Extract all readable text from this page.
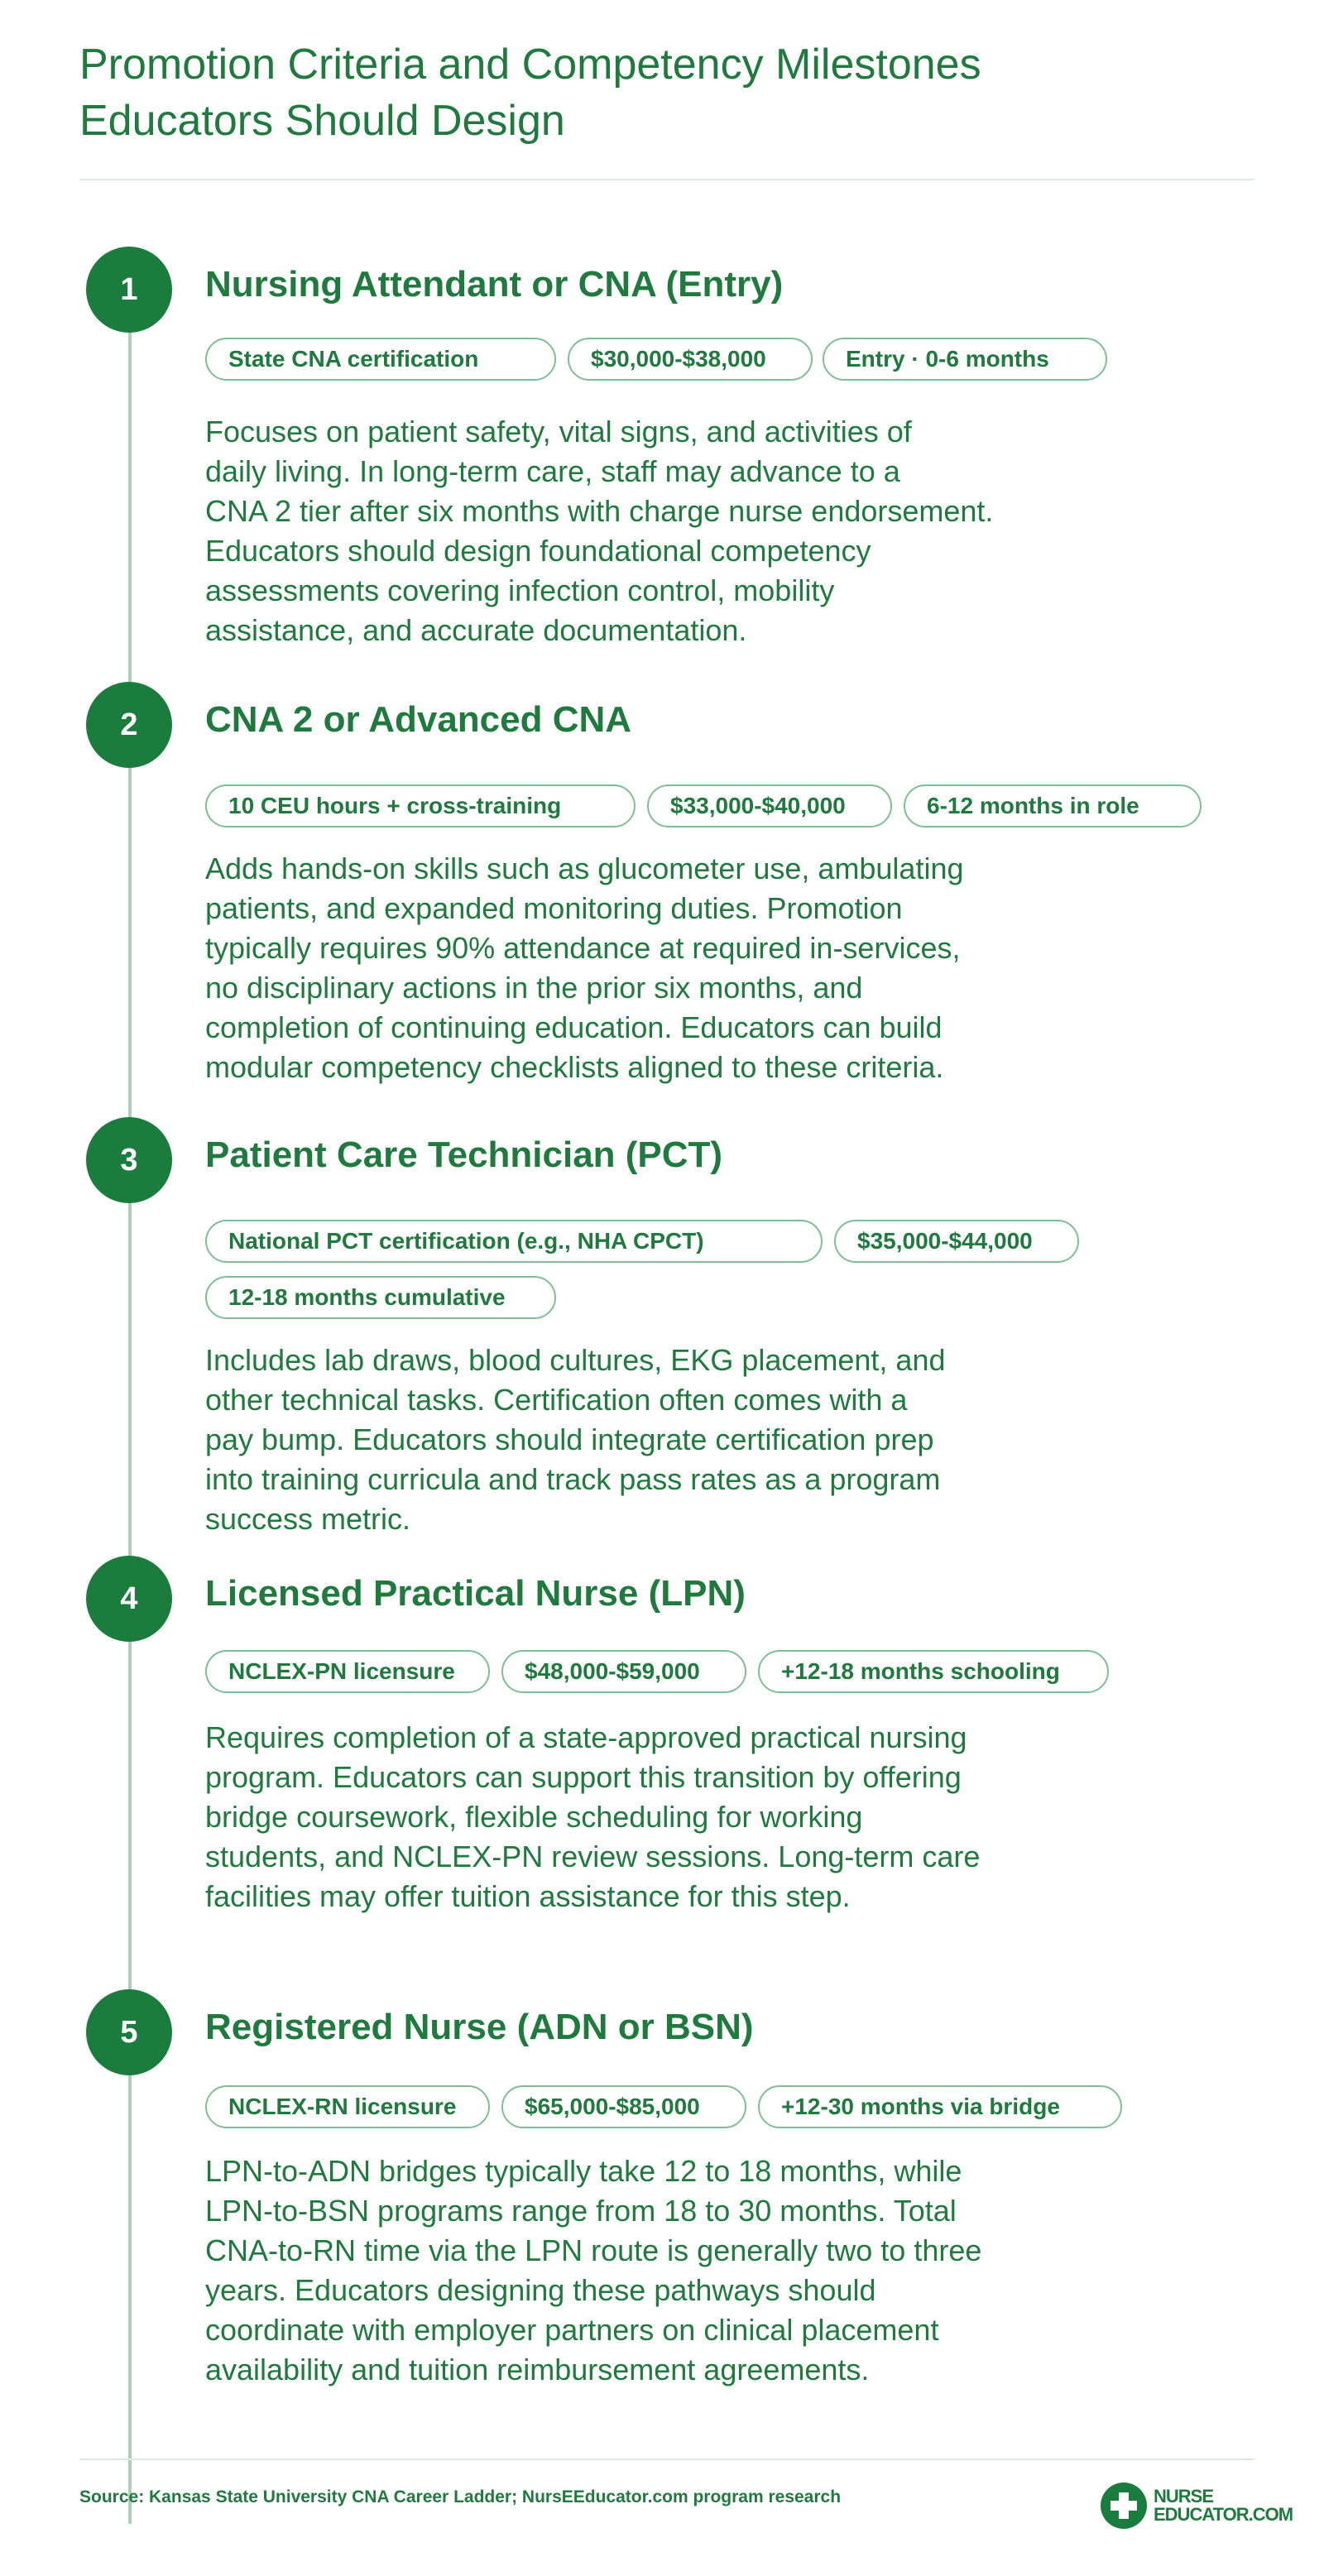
Promotion Criteria and Competency Milestones
Educators Should Design
1	Nursing Attendant or CNA (Entry)
State CNA certification	$30,000-$38,000	Entry · 0-6 months

Focuses on patient safety, vital signs, and activities of
daily living. In long-term care, staff may advance to a
CNA 2 tier after six months with charge nurse endorsement.
Educators should design foundational competency
assessments covering infection control, mobility
assistance, and accurate documentation.

2	CNA 2 or Advanced CNA
10 CEU hours + cross-training	$33,000-$40,000	6-12 months in role

Adds hands-on skills such as glucometer use, ambulating
patients, and expanded monitoring duties. Promotion
typically requires 90% attendance at required in-services,
no disciplinary actions in the prior six months, and
completion of continuing education. Educators can build
modular competency checklists aligned to these criteria.

3	Patient Care Technician (PCT)
National PCT certification (e.g., NHA CPCT)	$35,000-$44,000
12-18 months cumulative

Includes lab draws, blood cultures, EKG placement, and
other technical tasks. Certification often comes with a
pay bump. Educators should integrate certification prep
into training curricula and track pass rates as a program
success metric.

4	Licensed Practical Nurse (LPN)
NCLEX-PN licensure	$48,000-$59,000	+12-18 months schooling

Requires completion of a state-approved practical nursing
program. Educators can support this transition by offering
bridge coursework, flexible scheduling for working
students, and NCLEX-PN review sessions. Long-term care
facilities may offer tuition assistance for this step.

5	Registered Nurse (ADN or BSN)
NCLEX-RN licensure	$65,000-$85,000	+12-30 months via bridge

LPN-to-ADN bridges typically take 12 to 18 months, while
LPN-to-BSN programs range from 18 to 30 months. Total
CNA-to-RN time via the LPN route is generally two to three
years. Educators designing these pathways should
coordinate with employer partners on clinical placement
availability and tuition reimbursement agreements.

Source: Kansas State University CNA Career Ladder; NursEEducator.com program research	NURSE
EDUCATOR.COM
